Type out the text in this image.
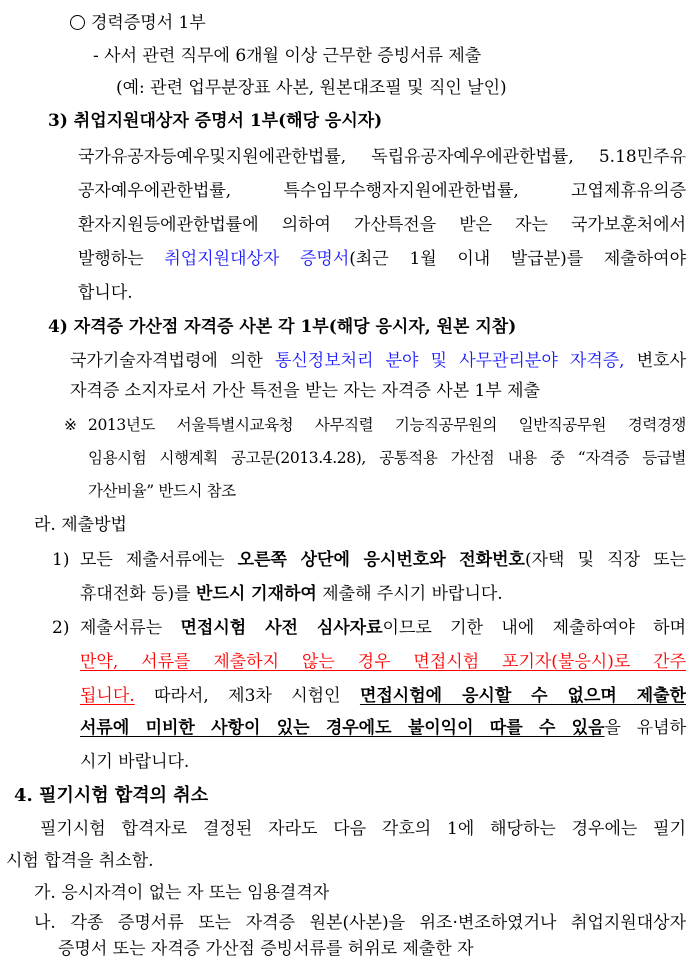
경력증명서 1부
- 사서 관련 직무에 6개월 이상 근무한 증빙서류 제출
(예: 관련 업무분장표 사본, 원본대조필 및 직인 날인)
3) 취업지원대상자 증명서 1부(해당 응시자)
국가유공자등예우및지원에관한법률, 독립유공자예우에관한법률, 5.18민주유
공자예우에관한법률, 특수임무수행자지원에관한법률, 고엽제휴유의증
환자지원등에관한법률에 의하여 가산특전을 받은 자는 국가보훈처에서
발행하는 취업지원대상자 증명서(최근 1월 이내 발급분)를 제출하여야
합니다.
4) 자격증 가산점 자격증 사본 각 1부(해당 응시자, 원본 지참)
국가기술자격법령에 의한 통신정보처리 분야 및 사무관리분야 자격증, 변호사
자격증 소지자로서 가산 특전을 받는 자는 자격증 사본 1부 제출
※ 2013년도 서울특별시교육청 사무직렬 기능직공무원의 일반직공무원 경력경쟁
임용시험 시행계획 공고문(2013.4.28), 공통적용 가산점 내용 중 “자격증 등급별
가산비율” 반드시 참조
라. 제출방법
1) 모든 제출서류에는 오른쪽 상단에 응시번호와 전화번호(자택 및 직장 또는
휴대전화 등)를 반드시 기재하여 제출해 주시기 바랍니다.
2) 제출서류는 면접시험 사전 심사자료이므로 기한 내에 제출하여야 하며
만약, 서류를 제출하지 않는 경우 면접시험 포기자(불응시)로 간주
됩니다. 따라서, 제3차 시험인 면접시험에 응시할 수 없으며 제출한
서류에 미비한 사항이 있는 경우에도 불이익이 따를 수 있음을 유념하
시기 바랍니다.
4. 필기시험 합격의 취소
필기시험 합격자로 결정된 자라도 다음 각호의 1에 해당하는 경우에는 필기
시험 합격을 취소함.
가. 응시자격이 없는 자 또는 임용결격자
나. 각종 증명서류 또는 자격증 원본(사본)을 위조·변조하였거나 취업지원대상자
증명서 또는 자격증 가산점 증빙서류를 허위로 제출한 자
